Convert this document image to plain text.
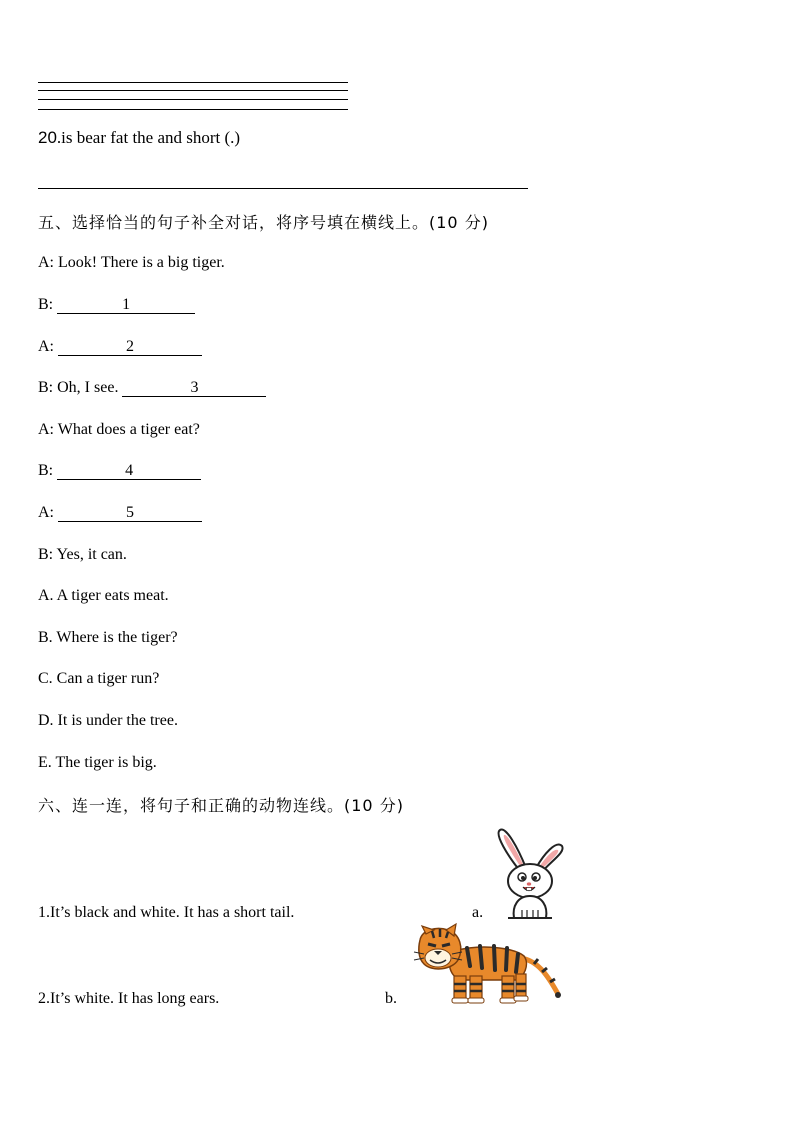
20.is bear fat the and short (.)
五、选择恰当的句子补全对话，将序号填在横线上。(10 分)
A: Look! There is a big tiger.
B:	1
A:	2
B: Oh, I see.	3
A: What does a tiger eat?
B:	4
A:	5
B: Yes, it can.
A. A tiger eats meat.
B. Where is the tiger?
C. Can a tiger run?
D. It is under the tree.
E. The tiger is big.
六、连一连，将句子和正确的动物连线。(10 分)
1.It’s black and white. It has a short tail.	a.
2.It’s white. It has long ears.	b.
